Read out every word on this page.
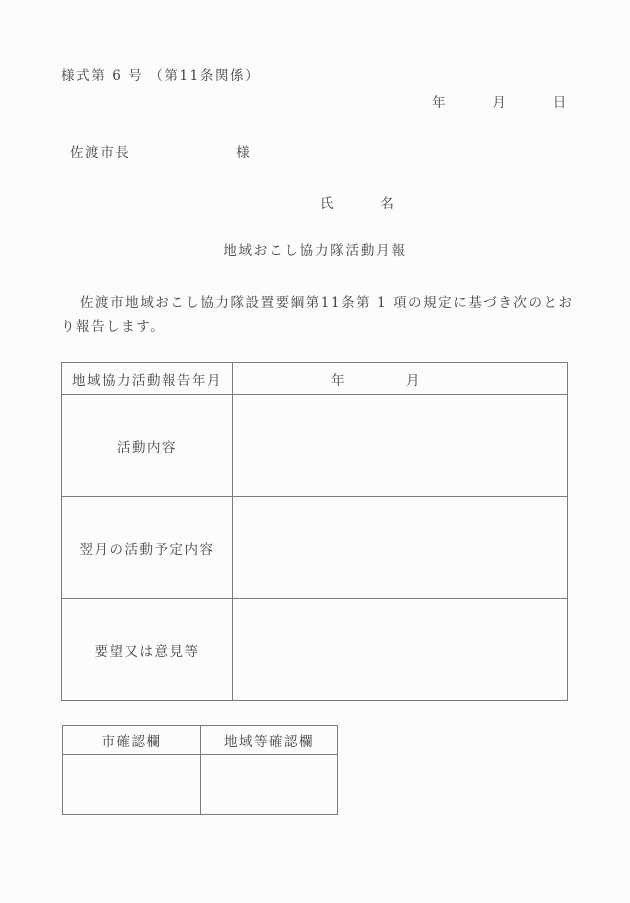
様式第 6 号 （第11条関係）
年　　　月　　　日
佐渡市長　　　　　　　様
氏　　　名
地域おこし協力隊活動月報
佐渡市地域おこし協力隊設置要綱第11条第 1 項の規定に基づき次のとお
り報告します。
地域協力活動報告年月	年　　　　月

活動内容	

翌月の活動予定内容	

要望又は意見等	
市確認欄	地域等確認欄
